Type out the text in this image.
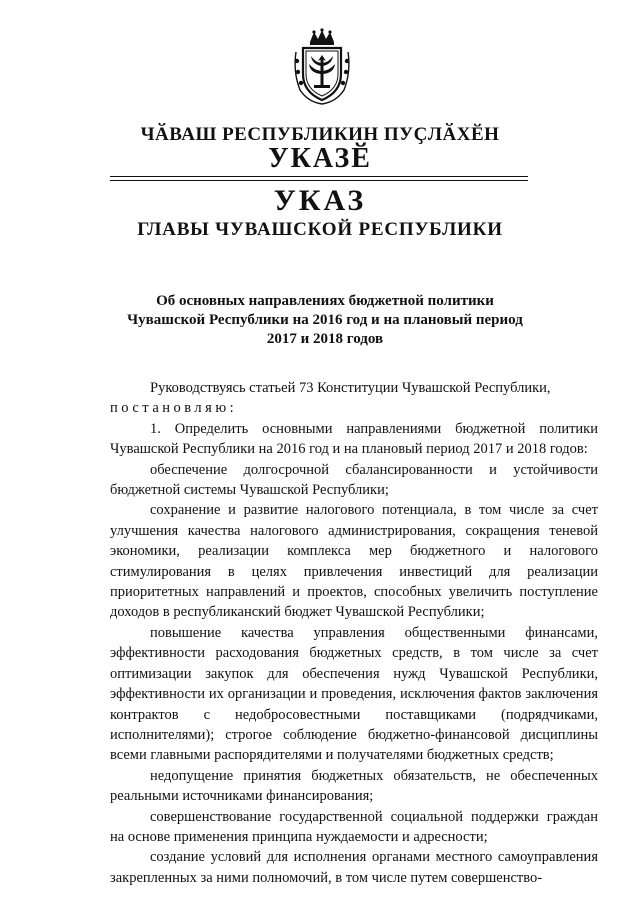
ЧӐВАШ РЕСПУБЛИКИН ПУҪЛӐХӖН
УКАЗӖ
УКАЗ
ГЛАВЫ ЧУВАШСКОЙ РЕСПУБЛИКИ
Об основных направлениях бюджетной политики
Чувашской Республики на 2016 год и на плановый период
2017 и 2018 годов

Руководствуясь статьей 73 Конституции Чувашской Республики,

постановляю:

1. Определить основными направлениями бюджетной политики Чувашской Республики на 2016 год и на плановый период 2017 и 2018 годов:

обеспечение долгосрочной сбалансированности и устойчивости бюджетной системы Чувашской Республики;

сохранение и развитие налогового потенциала, в том числе за счет улучшения качества налогового администрирования, сокращения теневой экономики, реализации комплекса мер бюджетного и налогового стимулирования в целях привлечения инвестиций для реализации приоритетных направлений и проектов, способных увеличить поступление доходов в республиканский бюджет Чувашской Республики;

повышение качества управления общественными финансами, эффективности расходования бюджетных средств, в том числе за счет оптимизации закупок для обеспечения нужд Чувашской Республики, эффективности их организации и проведения, исключения фактов заключения контрактов с недобросовестными поставщиками (подрядчиками, исполнителями); строгое соблюдение бюджетно-финансовой дисциплины всеми главными распорядителями и получателями бюджетных средств;

недопущение принятия бюджетных обязательств, не обеспеченных реальными источниками финансирования;

совершенствование государственной социальной поддержки граждан на основе применения принципа нуждаемости и адресности;

создание условий для исполнения органами местного самоуправления закрепленных за ними полномочий, в том числе путем совершенство-
